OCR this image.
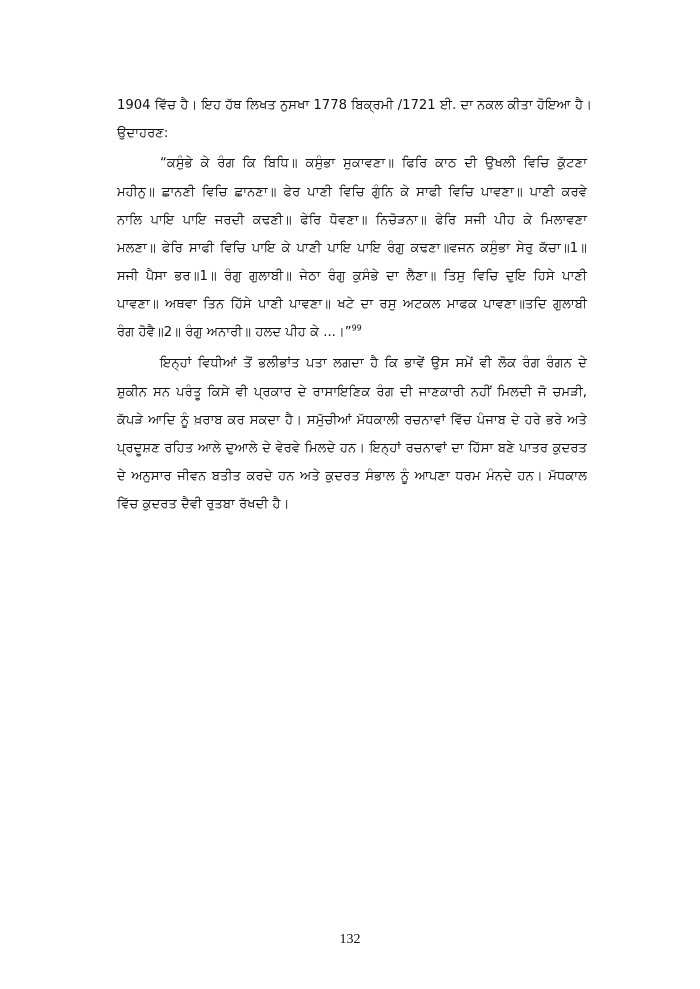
1904 ਵਿੱਚ ਹੈ। ਇਹ ਹੱਥ ਲਿਖਤ ਨੁਸਖਾ 1778 ਬਿਕ੍ਰਮੀ /1721 ਈ. ਦਾ ਨਕਲ ਕੀਤਾ ਹੋਇਆ ਹੈ।
ਉਦਾਹਰਣ:
“ਕਸੁੰਭੇ ਕੇ ਰੰਗ ਕਿ ਬਿਧਿ॥ ਕਸੁੰਭਾ ਸੁਕਾਵਣਾ॥ ਫਿਰਿ ਕਾਠ ਦੀ ਉਖਲੀ ਵਿਚਿ ਕੁੱਟਣਾ
ਮਹੀਨੁ॥ ਛਾਨਣੀ ਵਿਚਿ ਛਾਨਣਾ॥ ਫੇਰ ਪਾਣੀ ਵਿਚਿ ਗੁੰਨਿ ਕੇ ਸਾਫੀ ਵਿਚਿ ਪਾਵਣਾ॥ ਪਾਣੀ ਕਰਵੇ
ਨਾਲਿ ਪਾਇ ਪਾਇ ਜਰਦੀ ਕਢਣੀ॥ ਫੇਰਿ ਧੋਵਣਾ॥ ਨਿਚੋੜਨਾ॥ ਫੇਰਿ ਸਜੀ ਪੀਹ ਕੇ ਮਿਲਾਵਣਾ
ਮਲਣਾ॥ ਫੇਰਿ ਸਾਫੀ ਵਿਚਿ ਪਾਇ ਕੇ ਪਾਣੀ ਪਾਇ ਪਾਇ ਰੰਗੁ ਕਢਣਾ॥ਵਜਨ ਕਸੁੰਭਾ ਸੇਰੁ ਕੱਚਾ॥1॥
ਸਜੀ ਪੈਸਾ ਭਰ॥1॥ ਰੰਗੁ ਗੁਲਾਬੀ॥ ਜੇਠਾ ਰੰਗੁ ਕੁਸੰਭੇ ਦਾ ਲੈਣਾ॥ ਤਿਸੁ ਵਿਚਿ ਦੁਇ ਹਿਸੇ ਪਾਣੀ
ਪਾਵਣਾ॥ ਅਥਵਾ ਤਿਨ ਹਿੱਸੇ ਪਾਣੀ ਪਾਵਣਾ॥ ਖਟੇ ਦਾ ਰਸੁ ਅਟਕਲ ਮਾਫਕ ਪਾਵਣਾ॥ਤਦਿ ਗੁਲਾਬੀ
ਰੰਗ ਹੋਵੈ॥2॥ ਰੰਗੁ ਅਨਾਰੀ॥ ਹਲਦ ਪੀਹ ਕੇ ...।”$^{99}$
ਇਨ੍ਹਾਂ ਵਿਧੀਆਂ ਤੋਂ ਭਲੀਭਾਂਤ ਪਤਾ ਲਗਦਾ ਹੈ ਕਿ ਭਾਵੇਂ ਉਸ ਸਮੇਂ ਵੀ ਲੋਕ ਰੰਗ ਰੰਗਨ ਦੇ
ਸ਼ੁਕੀਨ ਸਨ ਪਰੰਤੂ ਕਿਸੇ ਵੀ ਪ੍ਰਕਾਰ ਦੇ ਰਾਸਾਇਣਿਕ ਰੰਗ ਦੀ ਜਾਣਕਾਰੀ ਨਹੀਂ ਮਿਲਦੀ ਜੋ ਚਮੜੀ,
ਕੱਪੜੇ ਆਦਿ ਨੂੰ ਖ਼ਰਾਬ ਕਰ ਸਕਦਾ ਹੈ। ਸਮੁੱਚੀਆਂ ਮੱਧਕਾਲੀ ਰਚਨਾਵਾਂ ਵਿੱਚ ਪੰਜਾਬ ਦੇ ਹਰੇ ਭਰੇ ਅਤੇ
ਪ੍ਰਦੂਸ਼ਣ ਰਹਿਤ ਆਲੇ ਦੁਆਲੇ ਦੇ ਵੇਰਵੇ ਮਿਲਦੇ ਹਨ। ਇਨ੍ਹਾਂ ਰਚਨਾਵਾਂ ਦਾ ਹਿੱਸਾ ਬਣੇ ਪਾਤਰ ਕੁਦਰਤ
ਦੇ ਅਨੁਸਾਰ ਜੀਵਨ ਬਤੀਤ ਕਰਦੇ ਹਨ ਅਤੇ ਕੁਦਰਤ ਸੰਭਾਲ ਨੂੰ ਆਪਣਾ ਧਰਮ ਮੰਨਦੇ ਹਨ। ਮੱਧਕਾਲ
ਵਿੱਚ ਕੁਦਰਤ ਦੈਵੀ ਰੁਤਬਾ ਰੱਖਦੀ ਹੈ।
132
